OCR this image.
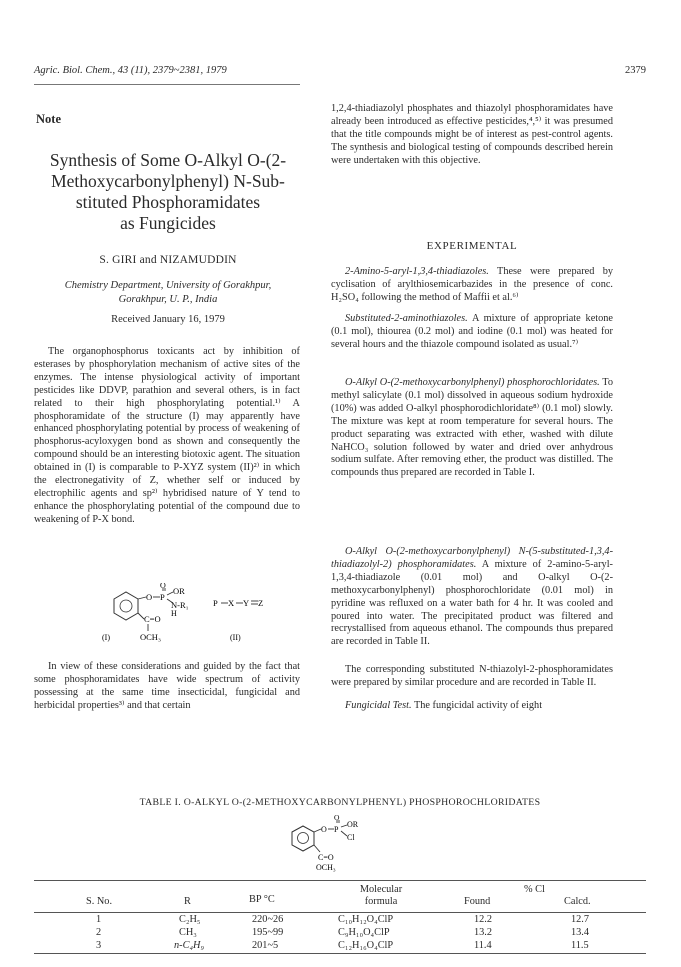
Agric. Biol. Chem., 43 (11), 2379~2381, 1979	2379
Note
Synthesis of Some O-Alkyl O-(2-
Methoxycarbonylphenyl) N-Sub-
stituted Phosphoramidates
as Fungicides
S. GIRI and NIZAMUDDIN
Chemistry Department, University of Gorakhpur,
Gorakhpur, U. P., India
Received January 16, 1979
The organophosphorus toxicants act by inhibition of esterases by phosphorylation mechanism of active sites of the enzymes. The intense physiological activity of important pesticides like DDVP, parathion and several others, is in fact related to their high phosphorylating potential.¹⁾ A phosphoramidate of the structure (I) may apparently have enhanced phosphorylating potential by process of weakening of phosphorus-acyloxygen bond as shown and consequently the compound should be an interesting biotoxic agent. The situation obtained in (I) is comparable to P-XYZ system (II)²⁾ in which the electronegativity of Z, whether self or induced by electrophilic agents and sp²⁾ hybridised nature of Y tend to enhance the phosphorylating potential of the compound due to weakening of P-X bond.
O P
O
OR
N-R₁
H
C=O
OCH₃
(I)
P X Y Z
(II)
In view of these considerations and guided by the fact that some phosphoramidates have wide spectrum of activity possessing at the same time insecticidal, fungicidal and herbicidal properties³⁾ and that certain
1,2,4-thiadiazolyl phosphates and thiazolyl phosphoramidates have already been introduced as effective pesticides,⁴,⁵⁾ it was presumed that the title compounds might be of interest as pest-control agents. The synthesis and biological testing of compounds described herein were undertaken with this objective.
EXPERIMENTAL
2-Amino-5-aryl-1,3,4-thiadiazoles. These were prepared by cyclisation of arylthiosemicarbazides in the presence of conc. H₂SO₄ following the method of Maffii et al.⁶⁾
Substituted-2-aminothiazoles. A mixture of appropriate ketone (0.1 mol), thiourea (0.2 mol) and iodine (0.1 mol) was heated for several hours and the thiazole compound isolated as usual.⁷⁾
O-Alkyl O-(2-methoxycarbonylphenyl) phosphorochloridates. To methyl salicylate (0.1 mol) dissolved in aqueous sodium hydroxide (10%) was added O-alkyl phosphorodichloridate⁸⁾ (0.1 mol) slowly. The mixture was kept at room temperature for several hours. The product separating was extracted with ether, washed with dilute NaHCO₃ solution followed by water and dried over anhydrous sodium sulfate. After removing ether, the product was distilled. The compounds thus prepared are recorded in Table I.
O-Alkyl O-(2-methoxycarbonylphenyl) N-(5-substituted-1,3,4-thiadiazolyl-2) phosphoramidates. A mixture of 2-amino-5-aryl-1,3,4-thiadiazole (0.01 mol) and O-alkyl O-(2-methoxycarbonylphenyl) phosphorochloridate (0.01 mol) in pyridine was refluxed on a water bath for 4 hr. It was cooled and poured into water. The precipitated product was filtered and recrystallised from aqueous ethanol. The compounds thus prepared are recorded in Table II.
The corresponding substituted N-thiazolyl-2-phosphoramidates were prepared by similar procedure and are recorded in Table II.
Fungicidal Test. The fungicidal activity of eight
TABLE I. O-ALKYL O-(2-METHOXYCARBONYLPHENYL) PHOSPHOROCHLORIDATES
O P
O
OR
Cl
C=O
OCH₃
S. No.	R	BP °C
Molecular
formula
% Cl
Found	Calcd.
1	C₂H₅	220~26	C₁₀H₁₂O₄ClP	12.2	12.7
2	CH₃	195~99	C₉H₁₀O₄ClP	13.2	13.4
3	n-C₄H₉	201~5	C₁₂H₁₆O₄ClP	11.4	11.5
